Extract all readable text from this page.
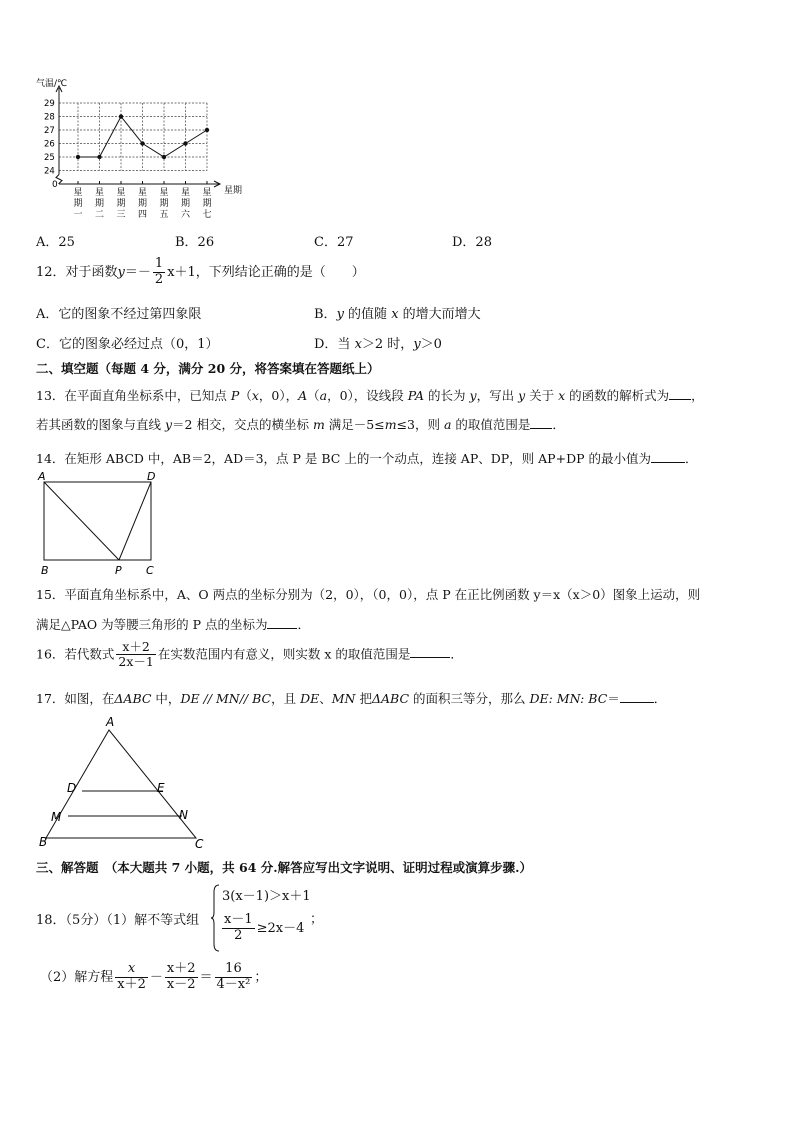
气温/℃
24
25
26
27
28
29
星
期
一
星
期
二
星
期
三
星
期
四
星
期
五
星
期
六
星
期
七
0
星期
A．25	B．26	C．27	D．28
12．对于函数$y=- \frac{1}{2} x+1$，下列结论正确的是（　　）
A．它的图象不经过第四象限	B．y 的值随 x 的增大而增大
C．它的图象必经过点（0，1）	D．当 x＞2 时，y＞0
二、填空题（每题 4 分，满分 20 分，将答案填在答题纸上）
13．在平面直角坐标系中，已知点 P（x，0），A（a，0），设线段 PA 的长为 y，写出 y 关于 x 的函数的解析式为 ，
若其函数的图象与直线 y＝2 相交，交点的横坐标 m 满足－5≤m≤3，则 a 的取值范围是 ．
14．在矩形 ABCD 中，AB＝2，AD＝3，点 P 是 BC 上的一个动点，连接 AP、DP，则 AP+DP 的最小值为	．
A	D
B	P C
15．平面直角坐标系中，A、O 两点的坐标分别为（2，0），（0，0），点 P 在正比例函数 y＝x（x＞0）图象上运动，则
满足△PAO 为等腰三角形的 P 点的坐标为 ．
16．若代数式 $\frac{x+2}{2x-1}$ 在实数范围内有意义，则实数 x 的取值范围是	．
17．如图，在ΔABC 中，DE // MN// BC，且 DE、MN 把ΔABC 的面积三等分，那么 DE: MN: BC＝	．
A
D	E
M	N
B	C
三、解答题　（本大题共 7 小题，共 64 分.解答应写出文字说明、证明过程或演算步骤.）
18．（5分）（1）解不等式组
3(x－1)＞x＋1
$\frac{x-1}{2} \ge 2x-4$
；
（2）解方程 $\frac{x}{x+2} - \frac{x+2}{x-2} = \frac{16}{\text{4－x²}}$ ；
